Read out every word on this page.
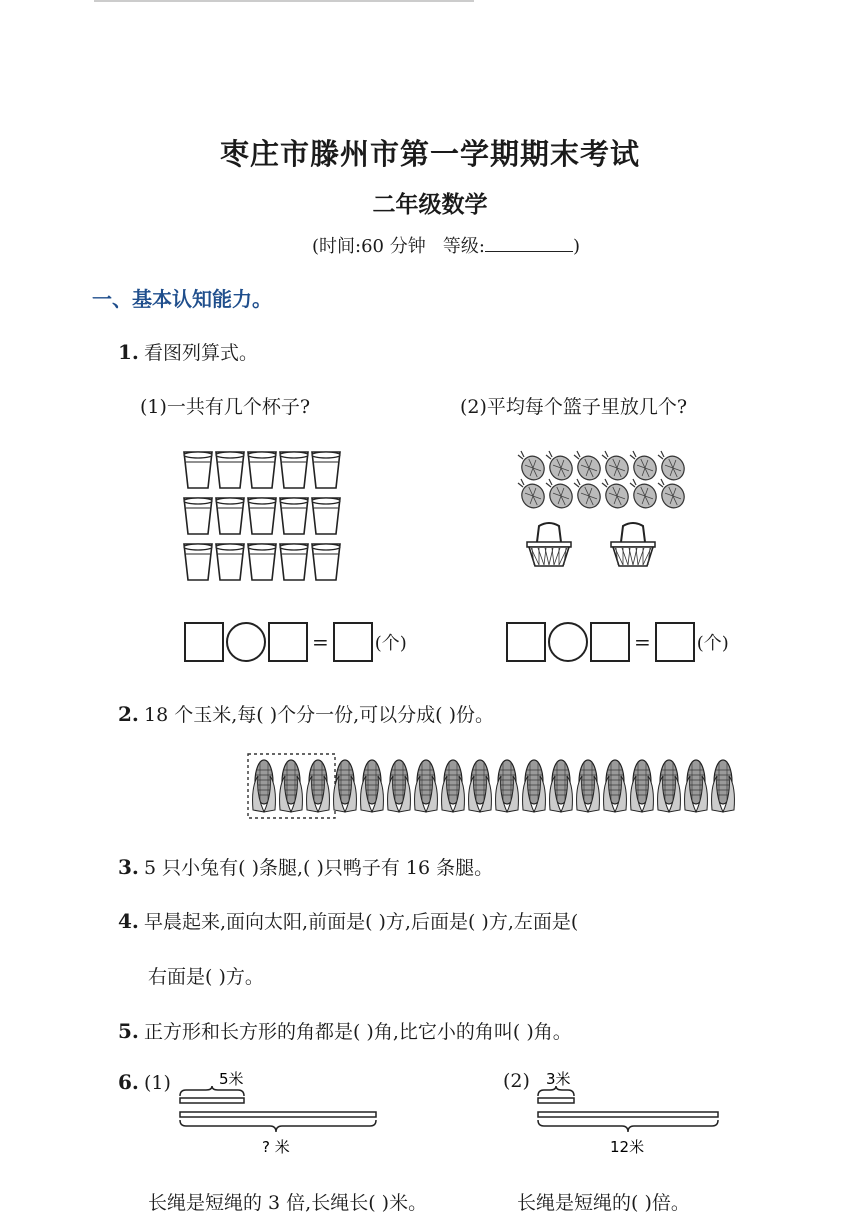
枣庄市滕州市第一学期期末考试
二年级数学
(时间:60 分钟 等级:	)
一、基本认知能力。
1. 看图列算式。
(1)一共有几个杯子?	(2)平均每个篮子里放几个?
=	(个)	=	(个)
2. 18 个玉米,每( )个分一份,可以分成( )份。
3. 5 只小兔有( )条腿,( )只鸭子有 16 条腿。
4. 早晨起来,面向太阳,前面是( )方,后面是( )方,左面是(
右面是( )方。
5. 正方形和长方形的角都是( )角,比它小的角叫( )角。
6. (1)	(2)
5米
? 米
3米
12米
长绳是短绳的 3 倍,长绳长( )米。	长绳是短绳的( )倍。
